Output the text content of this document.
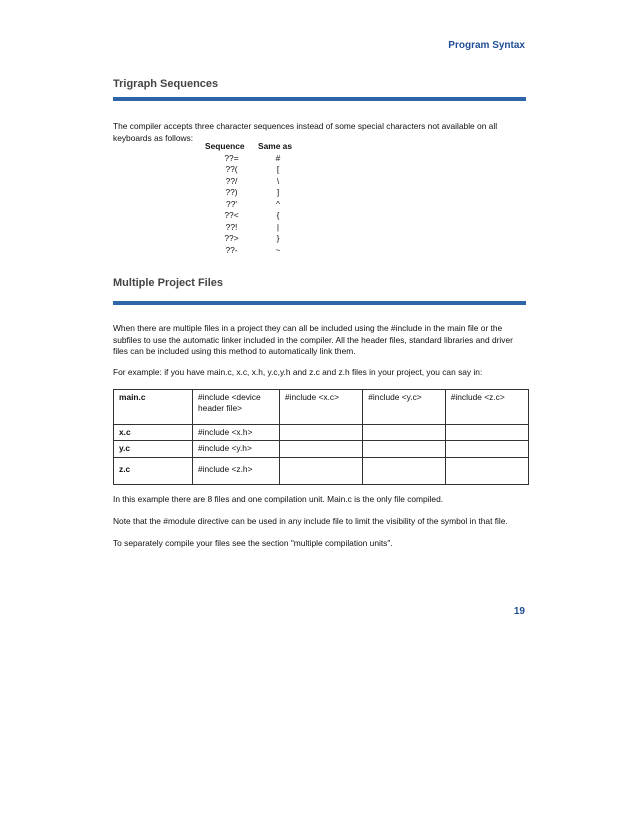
Program Syntax
Trigraph Sequences
The compiler accepts three character sequences instead of some special characters not available on all keyboards as follows:
Sequence	Same as
??=	#
??(	[
??/	\
??)	]
??'	^
??<	{
??!	|
??>	}
??-	~
Multiple Project Files
When there are multiple files in a project they can all be included using the #include in the main file or the subfiles to use the automatic linker included in the compiler. All the header files, standard libraries and driver files can be included using this method to automatically link them.
For example: if you have main.c, x.c, x.h, y.c,y.h and z.c and z.h files in your project, you can say in:
main.c	#include <device header file>	#include <x.c>	#include <y.c>	#include <z.c>
x.c	#include <x.h>			
y.c	#include <y.h>			
z.c	#include <z.h>			
In this example there are 8 files and one compilation unit. Main.c is the only file compiled.
Note that the #module directive can be used in any include file to limit the visibility of the symbol in that file.
To separately compile your files see the section "multiple compilation units".
19
